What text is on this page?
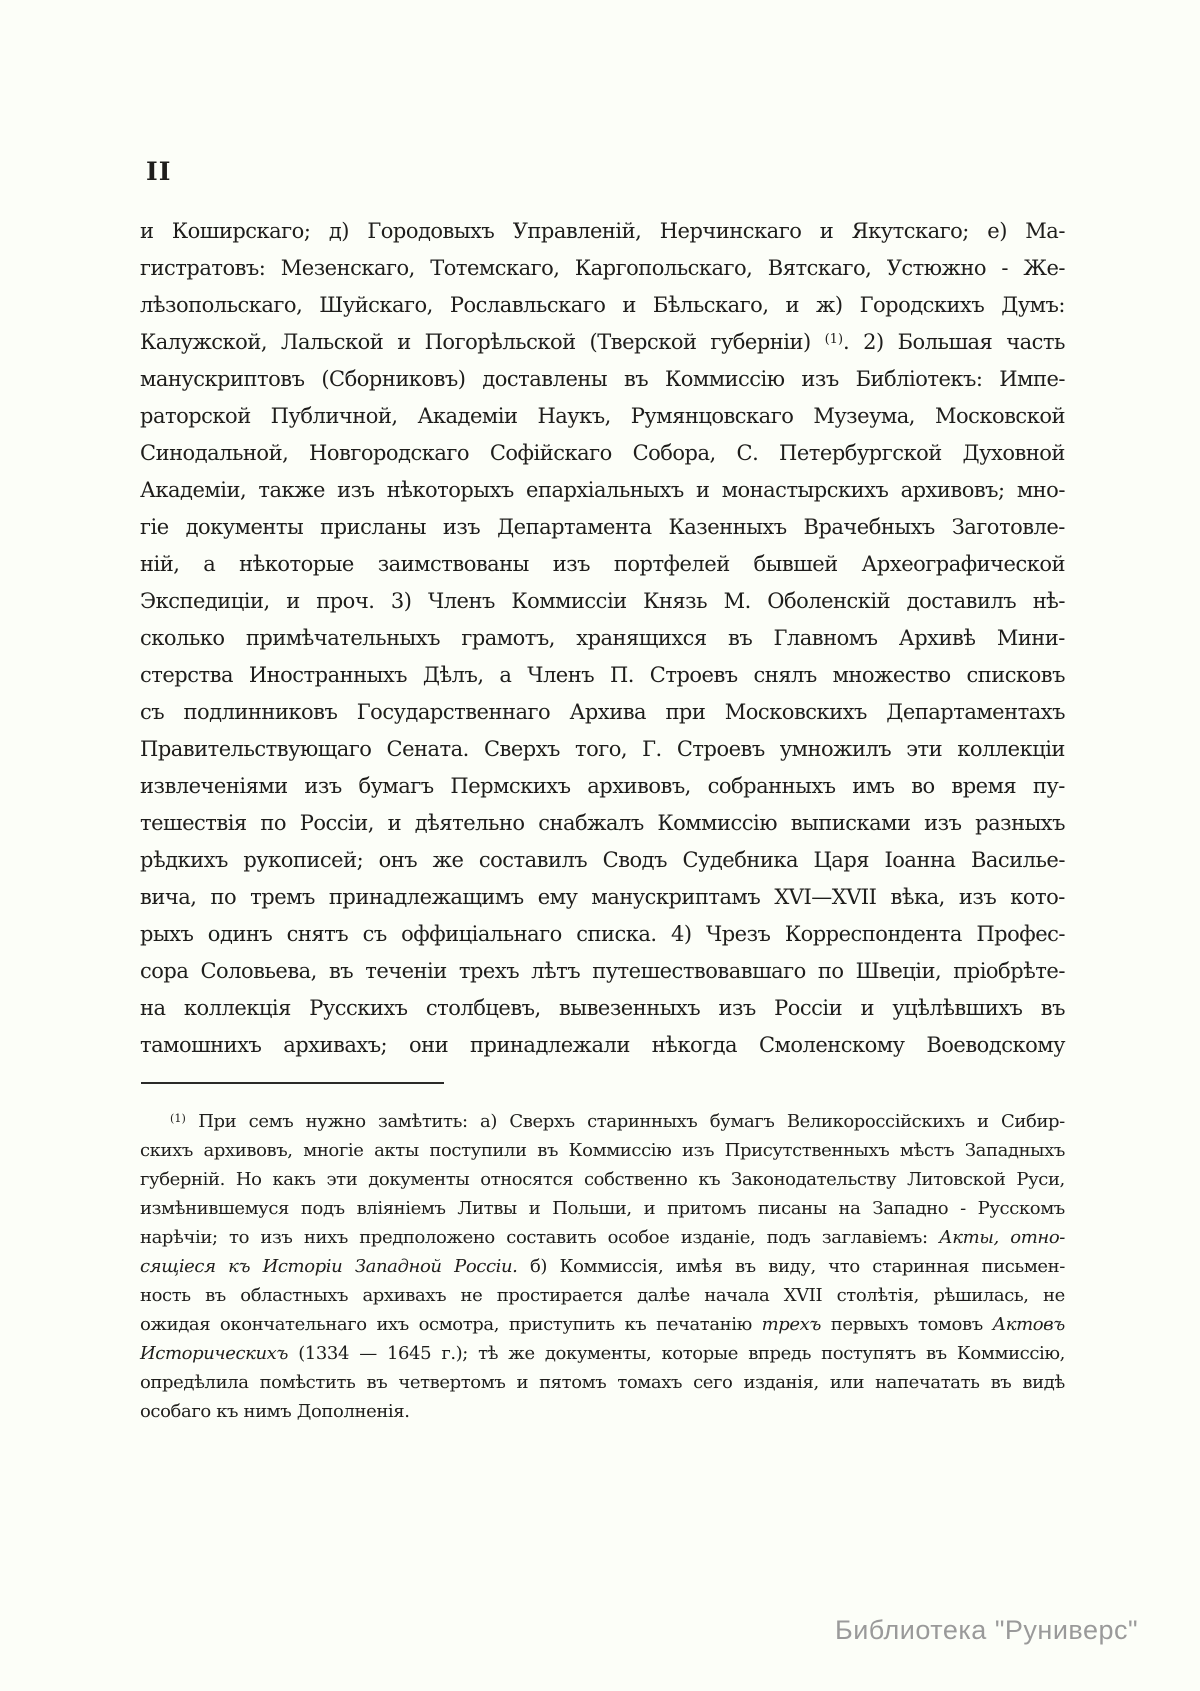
II
и Коширскаго; д) Городовыхъ Управленій, Нерчинскаго и Якутскаго; е) Ма-
гистратовъ: Мезенскаго, Тотемскаго, Каргопольскаго, Вятскаго, Устюжно - Же-
лѣзопольскаго, Шуйскаго, Рославльскаго и Бѣльскаго, и ж) Городскихъ Думъ:
Калужской, Лальской и Погорѣльской (Тверской губерніи) $^{(1)}$. 2) Большая часть
манускриптовъ (Сборниковъ) доставлены въ Коммиссію изъ Библіотекъ: Импе-
раторской Публичной, Академіи Наукъ, Румянцовскаго Музеума, Московской
Синодальной, Новгородскаго Софійскаго Собора, С. Петербургской Духовной
Академіи, также изъ нѣкоторыхъ епархіальныхъ и монастырскихъ архивовъ; мно-
гіе документы присланы изъ Департамента Казенныхъ Врачебныхъ Заготовле-
ній, а нѣкоторые заимствованы изъ портфелей бывшей Археографической
Экспедиціи, и проч. 3) Членъ Коммиссіи Князь М. Оболенскій доставилъ нѣ-
сколько примѣчательныхъ грамотъ, хранящихся въ Главномъ Архивѣ Мини-
стерства Иностранныхъ Дѣлъ, а Членъ П. Строевъ снялъ множество списковъ
съ подлинниковъ Государственнаго Архива при Московскихъ Департаментахъ
Правительствующаго Сената. Сверхъ того, Г. Строевъ умножилъ эти коллекціи
извлеченіями изъ бумагъ Пермскихъ архивовъ, собранныхъ имъ во время пу-
тешествія по Россіи, и дѣятельно снабжалъ Коммиссію выписками изъ разныхъ
рѣдкихъ рукописей; онъ же составилъ Сводъ Судебника Царя Іоанна Василье-
вича, по тремъ принадлежащимъ ему манускриптамъ XVI—XVII вѣка, изъ кото-
рыхъ одинъ снятъ съ оффиціальнаго списка. 4) Чрезъ Корреспондента Профес-
сора Соловьева, въ теченіи трехъ лѣтъ путешествовавшаго по Швеціи, пріобрѣте-
на коллекція Русскихъ столбцевъ, вывезенныхъ изъ Россіи и уцѣлѣвшихъ въ
тамошнихъ архивахъ; они принадлежали нѣкогда Смоленскому Воеводскому
$^{(1)}$ При семъ нужно замѣтить: а) Сверхъ старинныхъ бумагъ Великороссійскихъ и Сибир-
скихъ архивовъ, многіе акты поступили въ Коммиссію изъ Присутственныхъ мѣстъ Западныхъ
губерній. Но какъ эти документы относятся собственно къ Законодательству Литовской Руси,
измѣнившемуся подъ вліяніемъ Литвы и Польши, и притомъ писаны на Западно - Русскомъ
нарѣчіи; то изъ нихъ предположено составить особое изданіе, подъ заглавіемъ: Акты, отно-
сящіеся къ Исторіи Западной Россіи. б) Коммиссія, имѣя въ виду, что старинная письмен-
ность въ областныхъ архивахъ не простирается далѣе начала XVII столѣтія, рѣшилась, не
ожидая окончательнаго ихъ осмотра, приступить къ печатанію трехъ первыхъ томовъ Актовъ
Историческихъ (1334 — 1645 г.); тѣ же документы, которые впредь поступятъ въ Коммиссію,
опредѣлила помѣстить въ четвертомъ и пятомъ томахъ сего изданія, или напечатать въ видѣ
особаго къ нимъ Дополненія.
Библиотека "Руниверс"
